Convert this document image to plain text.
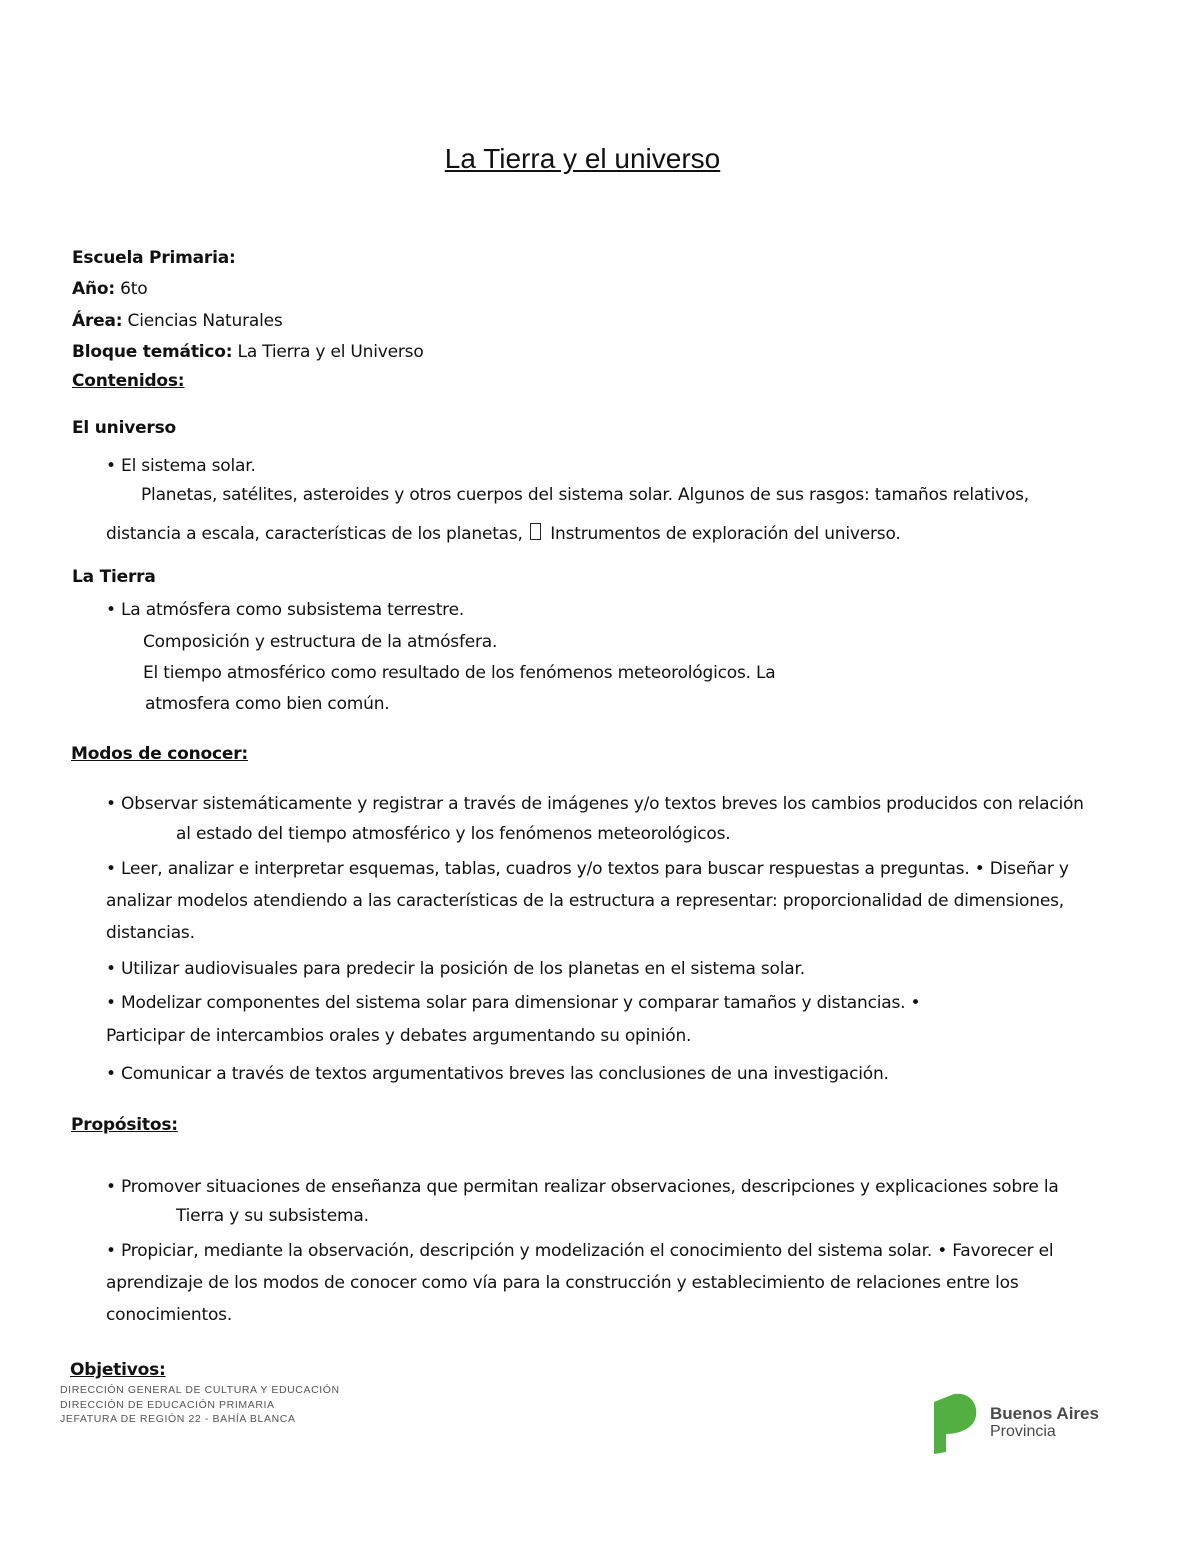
La Tierra y el universo
Escuela Primaria:
Año: 6to
Área: Ciencias Naturales
Bloque temático: La Tierra y el Universo
Contenidos:
El universo
• El sistema solar.
Planetas, satélites, asteroides y otros cuerpos del sistema solar. Algunos de sus rasgos: tamaños relativos,
distancia a escala, características de los planetas, Instrumentos de exploración del universo.
La Tierra
• La atmósfera como subsistema terrestre.
Composición y estructura de la atmósfera.
El tiempo atmosférico como resultado de los fenómenos meteorológicos. La
atmosfera como bien común.
Modos de conocer:
• Observar sistemáticamente y registrar a través de imágenes y/o textos breves los cambios producidos con relación
al estado del tiempo atmosférico y los fenómenos meteorológicos.
• Leer, analizar e interpretar esquemas, tablas, cuadros y/o textos para buscar respuestas a preguntas. • Diseñar y
analizar modelos atendiendo a las características de la estructura a representar: proporcionalidad de dimensiones,
distancias.
• Utilizar audiovisuales para predecir la posición de los planetas en el sistema solar.
• Modelizar componentes del sistema solar para dimensionar y comparar tamaños y distancias. •
Participar de intercambios orales y debates argumentando su opinión.
• Comunicar a través de textos argumentativos breves las conclusiones de una investigación.
Propósitos:
• Promover situaciones de enseñanza que permitan realizar observaciones, descripciones y explicaciones sobre la
Tierra y su subsistema.
• Propiciar, mediante la observación, descripción y modelización el conocimiento del sistema solar. • Favorecer el
aprendizaje de los modos de conocer como vía para la construcción y establecimiento de relaciones entre los
conocimientos.
Objetivos:
DIRECCIÓN GENERAL DE CULTURA Y EDUCACIÓN
DIRECCIÓN DE EDUCACIÓN PRIMARIA
JEFATURA DE REGIÓN 22 - BAHÍA BLANCA	Buenos Aires
Provincia
